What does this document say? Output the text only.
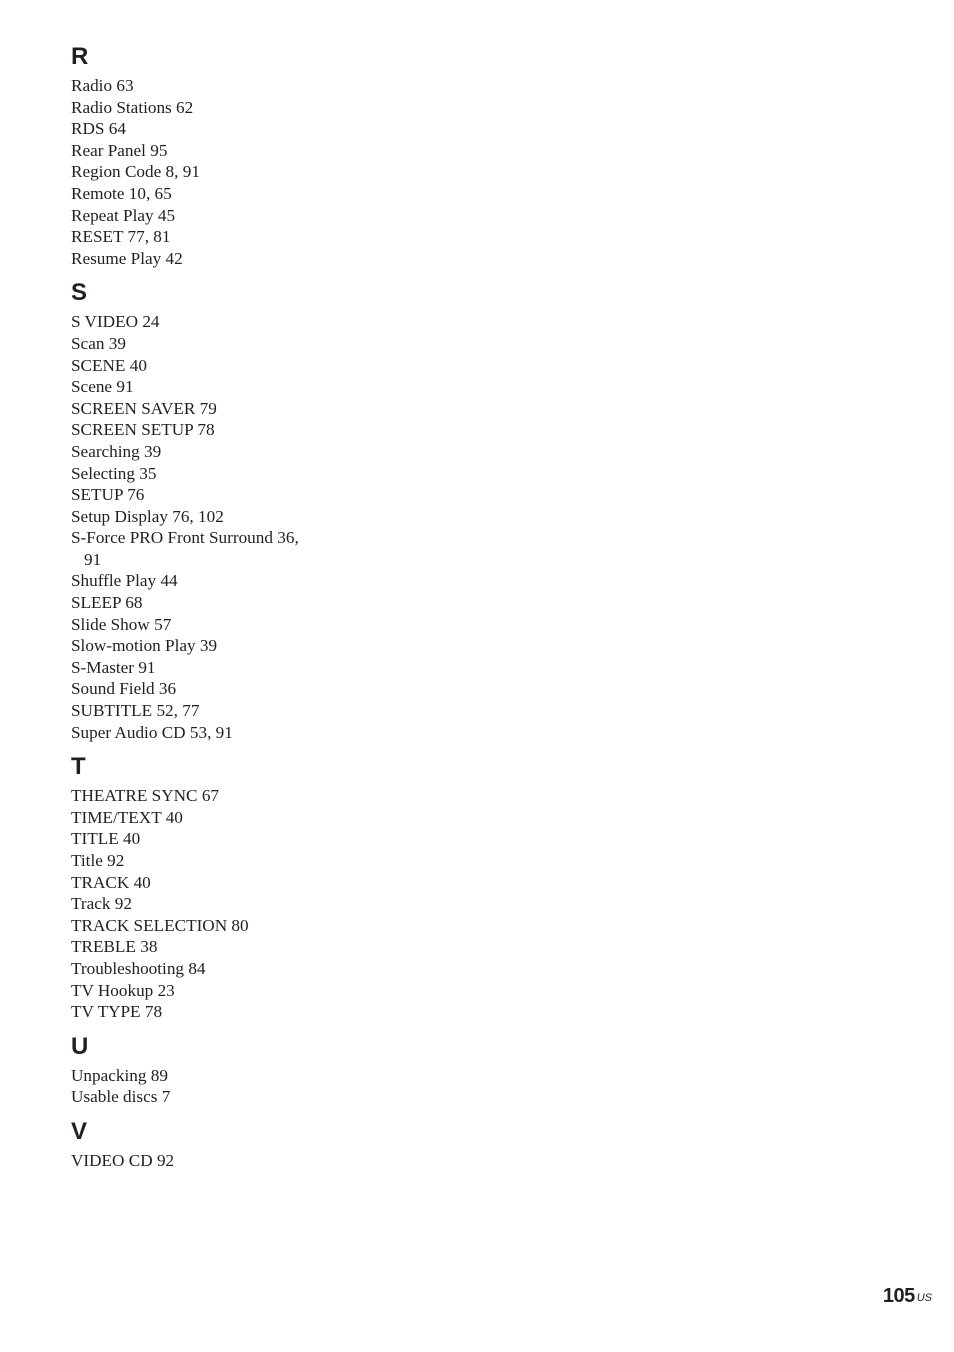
R
Radio 63
Radio Stations 62
RDS 64
Rear Panel 95
Region Code 8, 91
Remote 10, 65
Repeat Play 45
RESET 77, 81
Resume Play 42
S
S VIDEO 24
Scan 39
SCENE 40
Scene 91
SCREEN SAVER 79
SCREEN SETUP 78
Searching 39
Selecting 35
SETUP 76
Setup Display 76, 102
S-Force PRO Front Surround 36, 91
Shuffle Play 44
SLEEP 68
Slide Show 57
Slow-motion Play 39
S-Master 91
Sound Field 36
SUBTITLE 52, 77
Super Audio CD 53, 91
T
THEATRE SYNC 67
TIME/TEXT 40
TITLE 40
Title 92
TRACK 40
Track 92
TRACK SELECTION 80
TREBLE 38
Troubleshooting 84
TV Hookup 23
TV TYPE 78
U
Unpacking 89
Usable discs 7
V
VIDEO CD 92
105 $^{US}$
